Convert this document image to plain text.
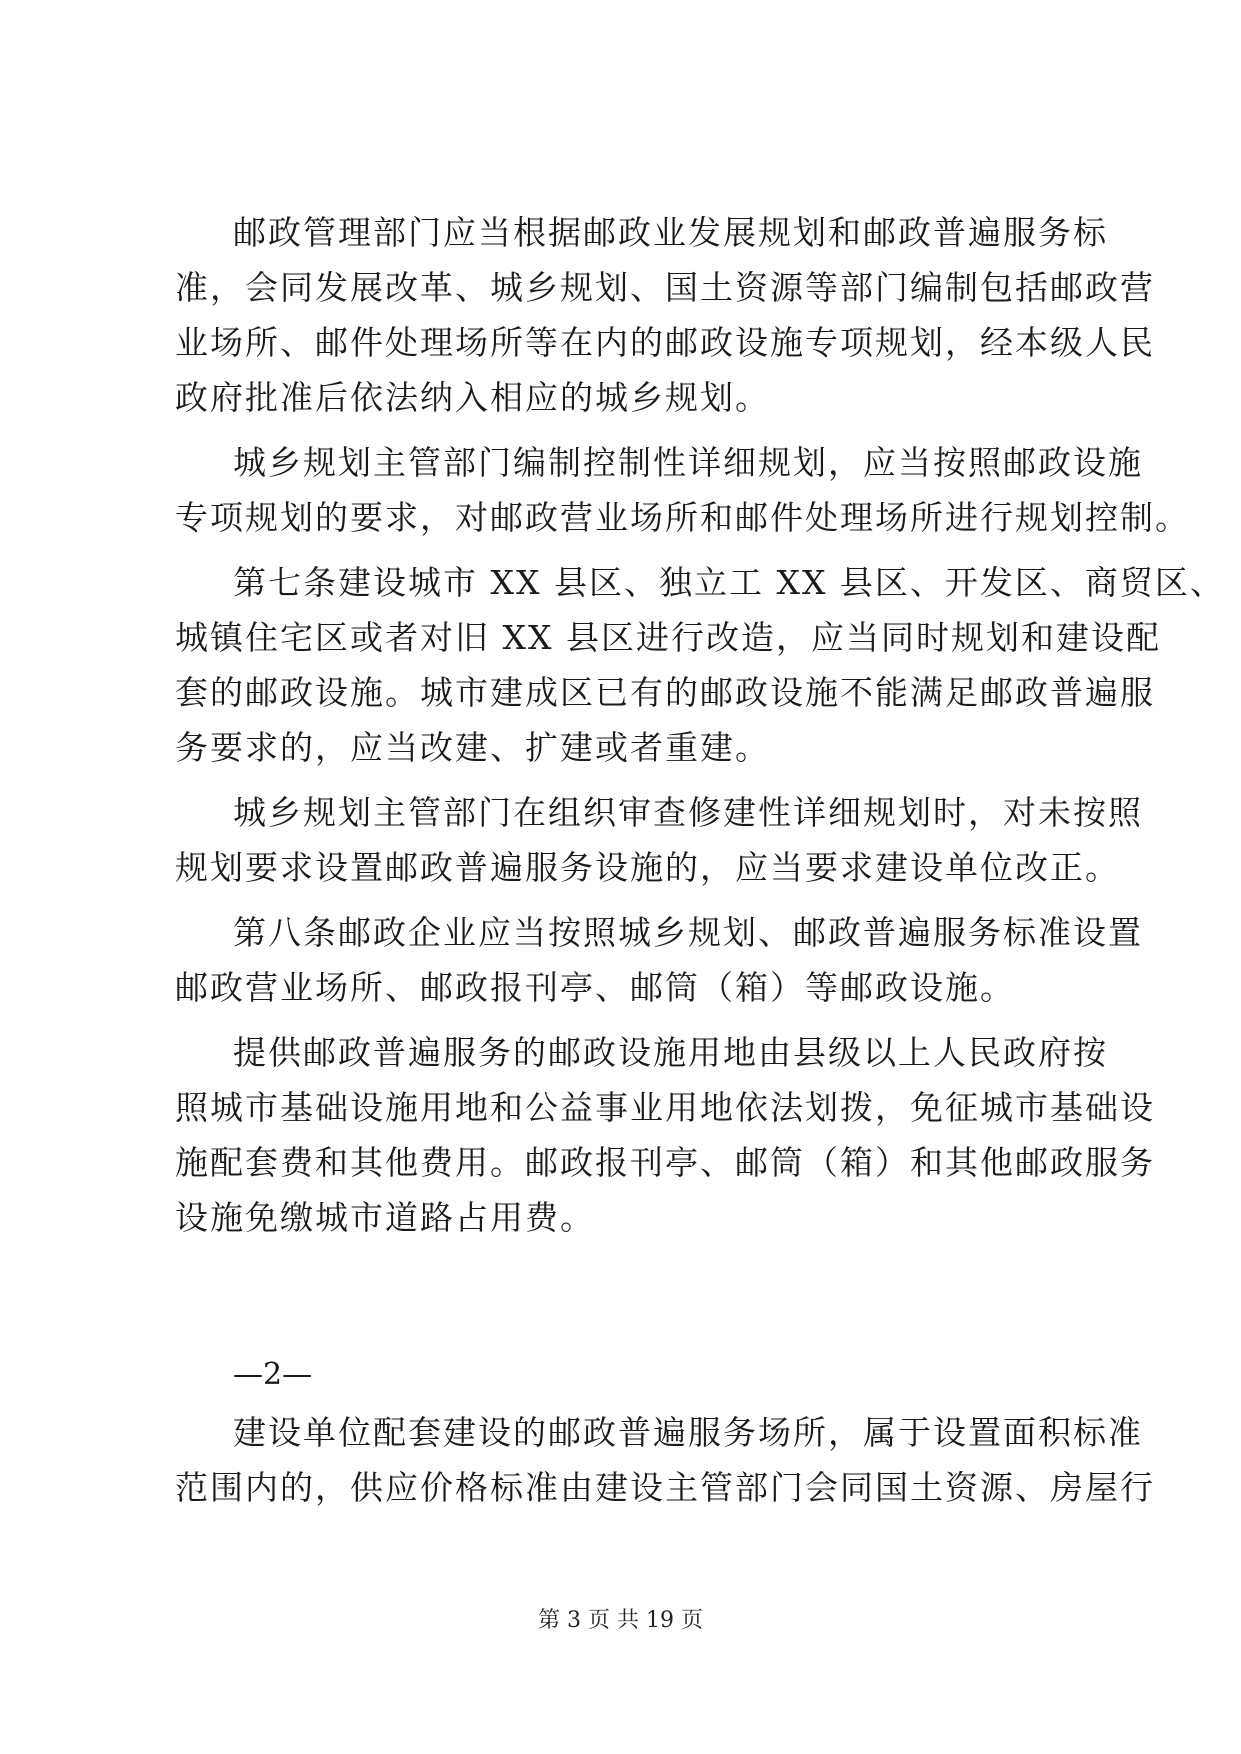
邮政管理部门应当根据邮政业发展规划和邮政普遍服务标
准，会同发展改革、城乡规划、国土资源等部门编制包括邮政营
业场所、邮件处理场所等在内的邮政设施专项规划，经本级人民
政府批准后依法纳入相应的城乡规划。
城乡规划主管部门编制控制性详细规划，应当按照邮政设施
专项规划的要求，对邮政营业场所和邮件处理场所进行规划控制。
第七条建设城市 XX 县区、独立工 XX 县区、开发区、商贸区、
城镇住宅区或者对旧 XX 县区进行改造，应当同时规划和建设配
套的邮政设施。城市建成区已有的邮政设施不能满足邮政普遍服
务要求的，应当改建、扩建或者重建。
城乡规划主管部门在组织审查修建性详细规划时，对未按照
规划要求设置邮政普遍服务设施的，应当要求建设单位改正。
第八条邮政企业应当按照城乡规划、邮政普遍服务标准设置
邮政营业场所、邮政报刊亭、邮筒（箱）等邮政设施。
提供邮政普遍服务的邮政设施用地由县级以上人民政府按
照城市基础设施用地和公益事业用地依法划拨，免征城市基础设
施配套费和其他费用。邮政报刊亭、邮筒（箱）和其他邮政服务
设施免缴城市道路占用费。
—2—
建设单位配套建设的邮政普遍服务场所，属于设置面积标准
范围内的，供应价格标准由建设主管部门会同国土资源、房屋行
第 3 页 共 19 页
